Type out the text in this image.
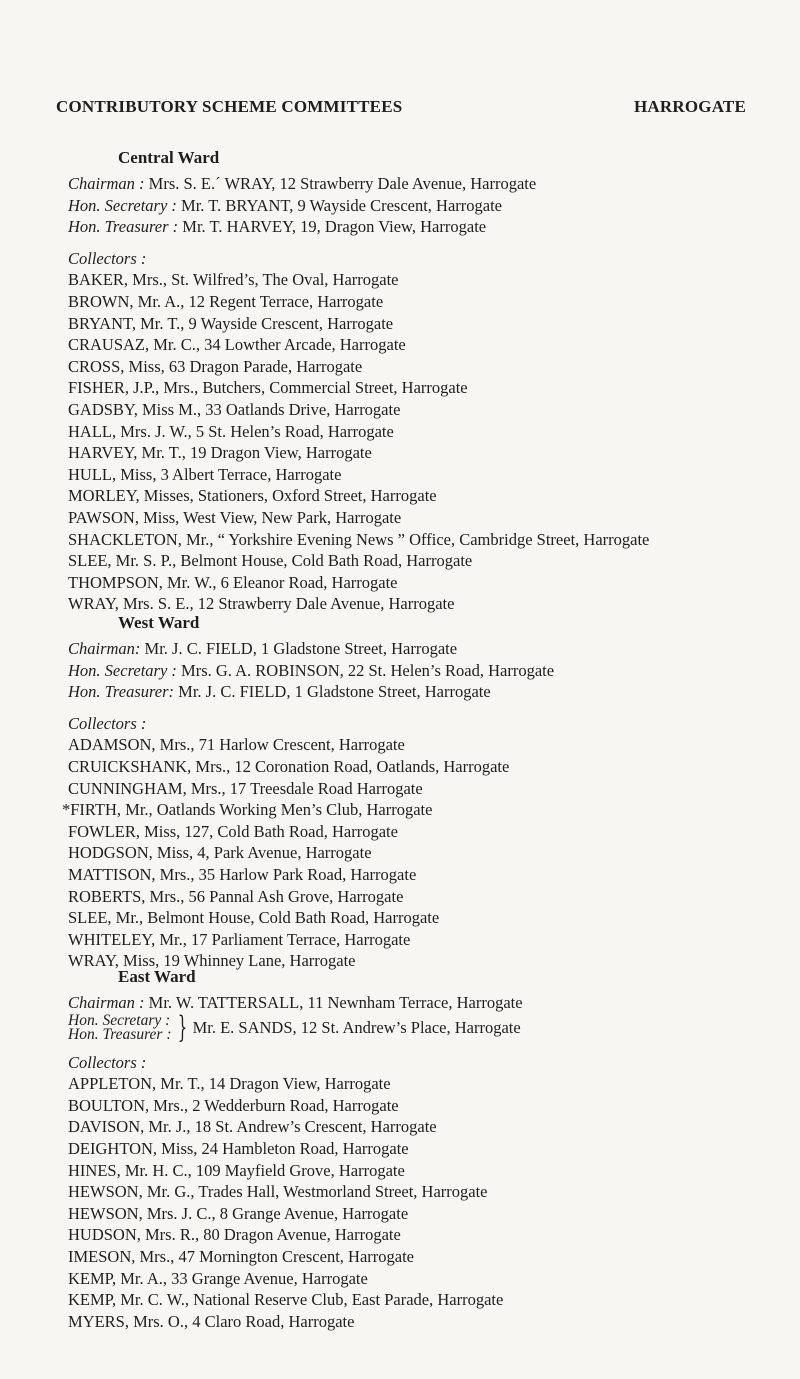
CONTRIBUTORY SCHEME COMMITTEES	HARROGATE
Central Ward
Chairman : Mrs. S. E.´ WRAY, 12 Strawberry Dale Avenue, Harrogate
Hon. Secretary : Mr. T. BRYANT, 9 Wayside Crescent, Harrogate
Hon. Treasurer : Mr. T. HARVEY, 19, Dragon View, Harrogate
Collectors :
BAKER, Mrs., St. Wilfred’s, The Oval, Harrogate
BROWN, Mr. A., 12 Regent Terrace, Harrogate
BRYANT, Mr. T., 9 Wayside Crescent, Harrogate
CRAUSAZ, Mr. C., 34 Lowther Arcade, Harrogate
CROSS, Miss, 63 Dragon Parade, Harrogate
FISHER, J.P., Mrs., Butchers, Commercial Street, Harrogate
GADSBY, Miss M., 33 Oatlands Drive, Harrogate
HALL, Mrs. J. W., 5 St. Helen’s Road, Harrogate
HARVEY, Mr. T., 19 Dragon View, Harrogate
HULL, Miss, 3 Albert Terrace, Harrogate
MORLEY, Misses, Stationers, Oxford Street, Harrogate
PAWSON, Miss, West View, New Park, Harrogate
SHACKLETON, Mr., “ Yorkshire Evening News ” Office, Cambridge Street, Harrogate
SLEE, Mr. S. P., Belmont House, Cold Bath Road, Harrogate
THOMPSON, Mr. W., 6 Eleanor Road, Harrogate
WRAY, Mrs. S. E., 12 Strawberry Dale Avenue, Harrogate
West Ward
Chairman: Mr. J. C. FIELD, 1 Gladstone Street, Harrogate
Hon. Secretary : Mrs. G. A. ROBINSON, 22 St. Helen’s Road, Harrogate
Hon. Treasurer: Mr. J. C. FIELD, 1 Gladstone Street, Harrogate
Collectors :
ADAMSON, Mrs., 71 Harlow Crescent, Harrogate
CRUICKSHANK, Mrs., 12 Coronation Road, Oatlands, Harrogate
CUNNINGHAM, Mrs., 17 Treesdale Road Harrogate
*FIRTH, Mr., Oatlands Working Men’s Club, Harrogate
FOWLER, Miss, 127, Cold Bath Road, Harrogate
HODGSON, Miss, 4, Park Avenue, Harrogate
MATTISON, Mrs., 35 Harlow Park Road, Harrogate
ROBERTS, Mrs., 56 Pannal Ash Grove, Harrogate
SLEE, Mr., Belmont House, Cold Bath Road, Harrogate
WHITELEY, Mr., 17 Parliament Terrace, Harrogate
WRAY, Miss, 19 Whinney Lane, Harrogate
East Ward
Chairman : Mr. W. TATTERSALL, 11 Newnham Terrace, Harrogate
Hon. Secretary :
Hon. Treasurer : } Mr. E. SANDS, 12 St. Andrew’s Place, Harrogate
Collectors :
APPLETON, Mr. T., 14 Dragon View, Harrogate
BOULTON, Mrs., 2 Wedderburn Road, Harrogate
DAVISON, Mr. J., 18 St. Andrew’s Crescent, Harrogate
DEIGHTON, Miss, 24 Hambleton Road, Harrogate
HINES, Mr. H. C., 109 Mayfield Grove, Harrogate
HEWSON, Mr. G., Trades Hall, Westmorland Street, Harrogate
HEWSON, Mrs. J. C., 8 Grange Avenue, Harrogate
HUDSON, Mrs. R., 80 Dragon Avenue, Harrogate
IMESON, Mrs., 47 Mornington Crescent, Harrogate
KEMP, Mr. A., 33 Grange Avenue, Harrogate
KEMP, Mr. C. W., National Reserve Club, East Parade, Harrogate
MYERS, Mrs. O., 4 Claro Road, Harrogate
